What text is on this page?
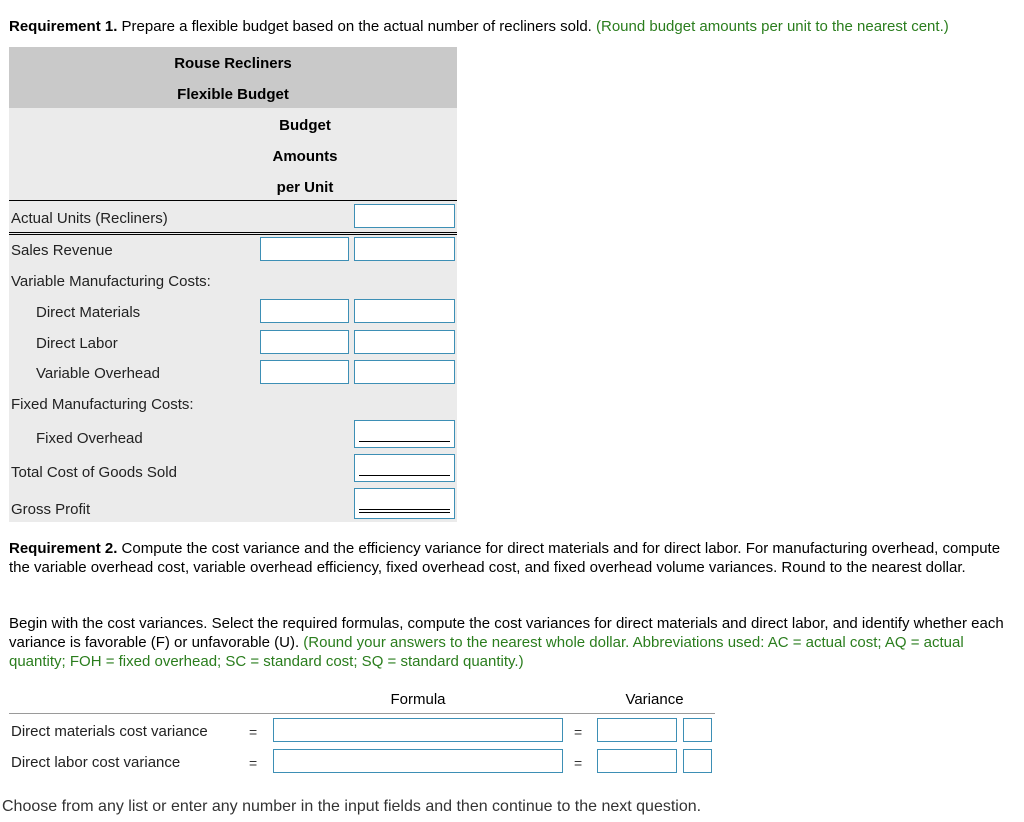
Requirement 1. Prepare a flexible budget based on the actual number of recliners sold. (Round budget amounts per unit to the nearest cent.)
Rouse Recliners
Flexible Budget
Budget
Amounts
per Unit
Actual Units (Recliners)
Sales Revenue
Variable Manufacturing Costs:
Direct Materials
Direct Labor
Variable Overhead
Fixed Manufacturing Costs:
Fixed Overhead
Total Cost of Goods Sold
Gross Profit
Requirement 2. Compute the cost variance and the efficiency variance for direct materials and for direct labor. For manufacturing overhead, compute the variable overhead cost, variable overhead efficiency, fixed overhead cost, and fixed overhead volume variances. Round to the nearest dollar.
Begin with the cost variances. Select the required formulas, compute the cost variances for direct materials and direct labor, and identify whether each variance is favorable (F) or unfavorable (U). (Round your answers to the nearest whole dollar. Abbreviations used: AC = actual cost; AQ = actual quantity; FOH = fixed overhead; SC = standard cost; SQ = standard quantity.)
Formula	Variance
Direct materials cost variance	=	=
Direct labor cost variance	=	=
Choose from any list or enter any number in the input fields and then continue to the next question.
